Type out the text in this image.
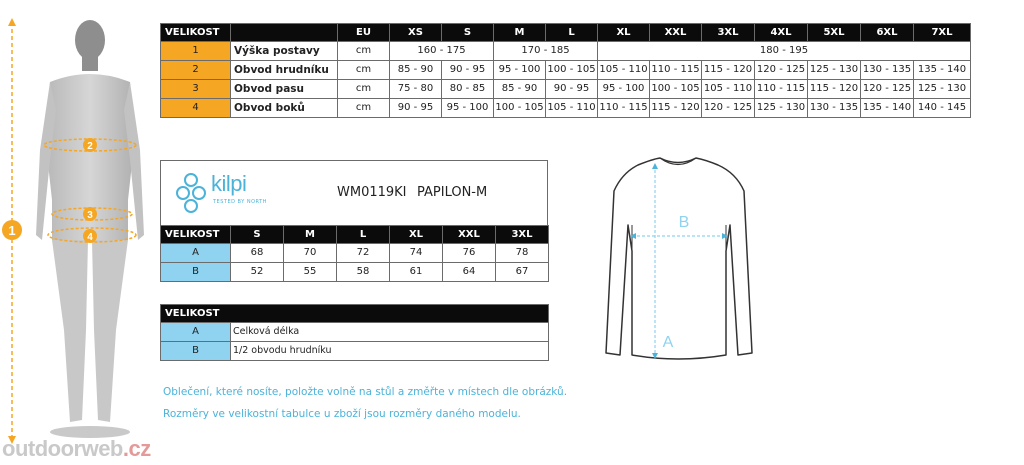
1
2
3
4
VELIKOST		EU	XS	S	M	L	XL	XXL	3XL	4XL	5XL	6XL	7XL
1	Výška postavy	cm	160 - 175		170 - 185		180 - 195						
2	Obvod hrudníku	cm	85 - 90	90 - 95	95 - 100	100 - 105	105 - 110	110 - 115	115 - 120	120 - 125	125 - 130	130 - 135	135 - 140
3	Obvod pasu	cm	75 - 80	80 - 85	85 - 90	90 - 95	95 - 100	100 - 105	105 - 110	110 - 115	115 - 120	120 - 125	125 - 130
4	Obvod boků	cm	90 - 95	95 - 100	100 - 105	105 - 110	110 - 115	115 - 120	120 - 125	125 - 130	130 - 135	135 - 140	140 - 145
kilpi
TESTED BY NORTH
WM0119KI PAPILON-M
VELIKOST	S	M	L	XL	XXL	3XL
A	68	70	72	74	76	78
B	52	55	58	61	64	67
VELIKOST	
A	Celková délka
B	1/2 obvodu hrudníku
Oblečení, které nosíte, položte volně na stůl a změřte v místech dle obrázků.
Rozměry ve velikostní tabulce u zboží jsou rozměry daného modelu.
B
A
outdoorweb.cz
